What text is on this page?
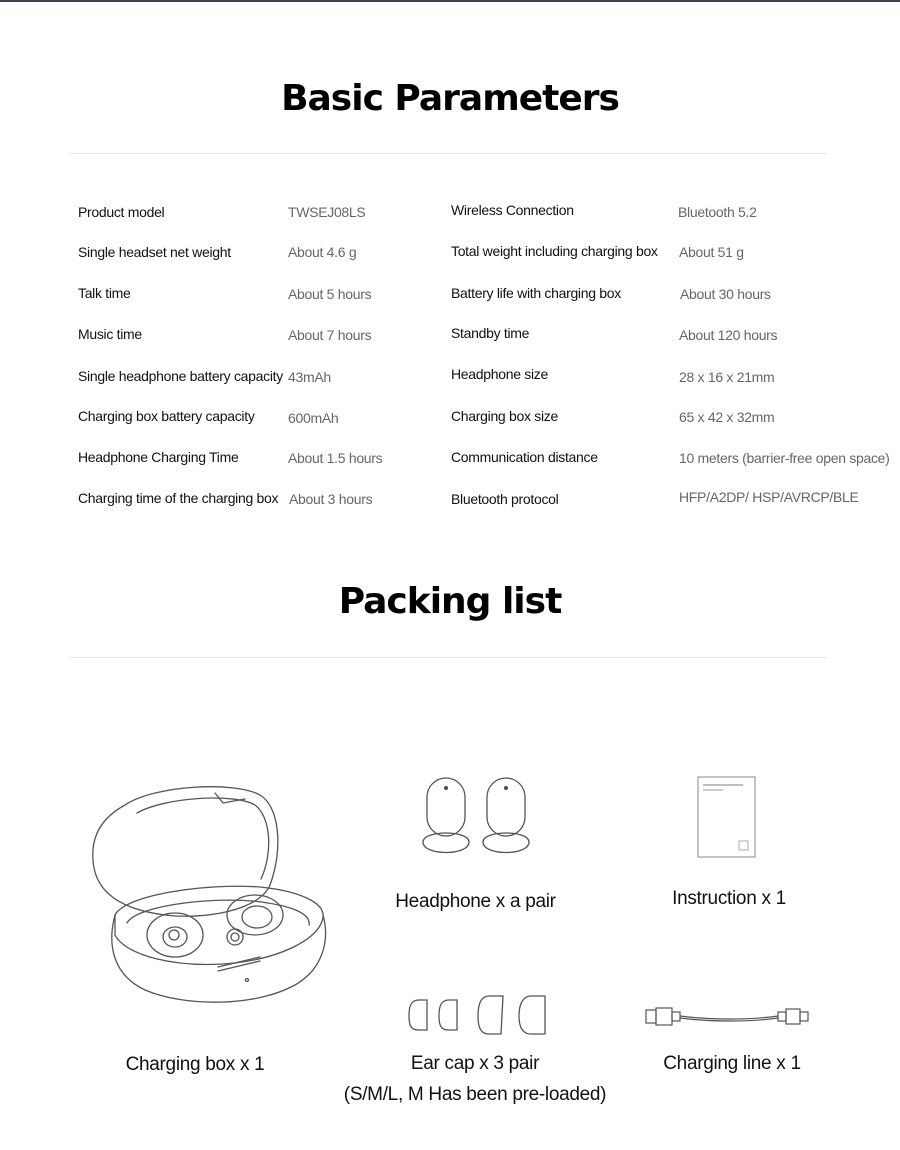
Basic Parameters
Product model	TWSEJ08LS
Single headset net weight	About 4.6 g
Talk time	About 5 hours
Music time	About 7 hours
Single headphone battery capacity 43mAh
Charging box battery capacity 600mAh
Headphone Charging Time	About 1.5 hours
Charging time of the charging box About 3 hours
Wireless Connection	Bluetooth 5.2
Total weight including charging box About 51 g
Battery life with charging box	About 30 hours
Standby time	About 120 hours
Headphone size	28 x 16 x 21mm
Charging box size	65 x 42 x 32mm
Communication distance	10 meters (barrier-free open space)
Bluetooth protocol	HFP/A2DP/ HSP/AVRCP/BLE
Packing list
Charging box x 1
Headphone x a pair	Instruction x 1
Ear cap x 3 pair
(S/M/L, M Has been pre-loaded)
Charging line x 1
